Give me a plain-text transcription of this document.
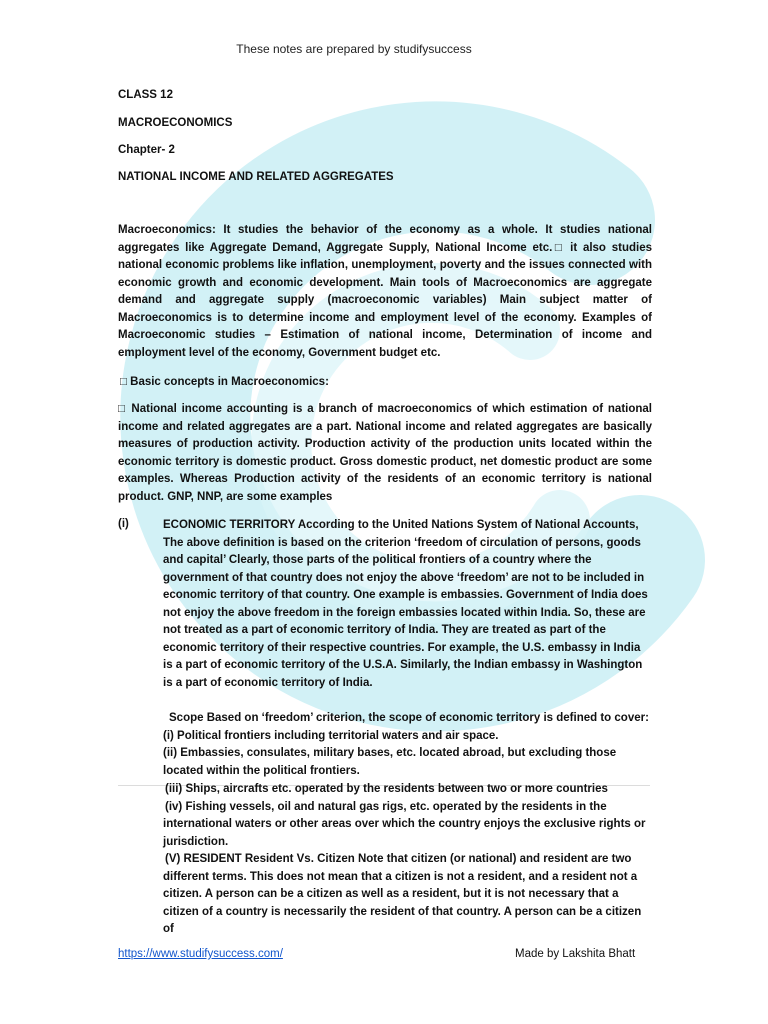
These notes are prepared by studifysuccess
CLASS 12
MACROECONOMICS
Chapter- 2
NATIONAL INCOME AND RELATED AGGREGATES
Macroeconomics: It studies the behavior of the economy as a whole. It studies national aggregates like Aggregate Demand, Aggregate Supply, National Income etc.□ it also studies national economic problems like inflation, unemployment, poverty and the issues connected with economic growth and economic development. Main tools of Macroeconomics are aggregate demand and aggregate supply (macroeconomic variables) Main subject matter of Macroeconomics is to determine income and employment level of the economy. Examples of Macroeconomic studies – Estimation of national income, Determination of income and employment level of the economy, Government budget etc.
□ Basic concepts in Macroeconomics:
□ National income accounting is a branch of macroeconomics of which estimation of national income and related aggregates are a part. National income and related aggregates are basically measures of production activity. Production activity of the production units located within the economic territory is domestic product. Gross domestic product, net domestic product are some examples. Whereas Production activity of the residents of an economic territory is national product. GNP, NNP, are some examples
(i)	ECONOMIC TERRITORY According to the United Nations System of National Accounts, The above definition is based on the criterion ‘freedom of circulation of persons, goods and capital’ Clearly, those parts of the political frontiers of a country where the government of that country does not enjoy the above ‘freedom’ are not to be included in economic territory of that country. One example is embassies. Government of India does not enjoy the above freedom in the foreign embassies located within India. So, these are not treated as a part of economic territory of India. They are treated as part of the economic territory of their respective countries. For example, the U.S. embassy in India is a part of economic territory of the U.S.A. Similarly, the Indian embassy in Washington is a part of economic territory of India.

Scope Based on ‘freedom’ criterion, the scope of economic territory is defined to cover:

(i) Political frontiers including territorial waters and air space.

(ii) Embassies, consulates, military bases, etc. located abroad, but excluding those located within the political frontiers.

(iii) Ships, aircrafts etc. operated by the residents between two or more countries

(iv) Fishing vessels, oil and natural gas rigs, etc. operated by the residents in the international waters or other areas over which the country enjoys the exclusive rights or jurisdiction.

(V) RESIDENT Resident Vs. Citizen Note that citizen (or national) and resident are two different terms. This does not mean that a citizen is not a resident, and a resident not a citizen. A person can be a citizen as well as a resident, but it is not necessary that a citizen of a country is necessarily the resident of that country. A person can be a citizen of

https://www.studifysuccess.com/	Made by Lakshita Bhatt
